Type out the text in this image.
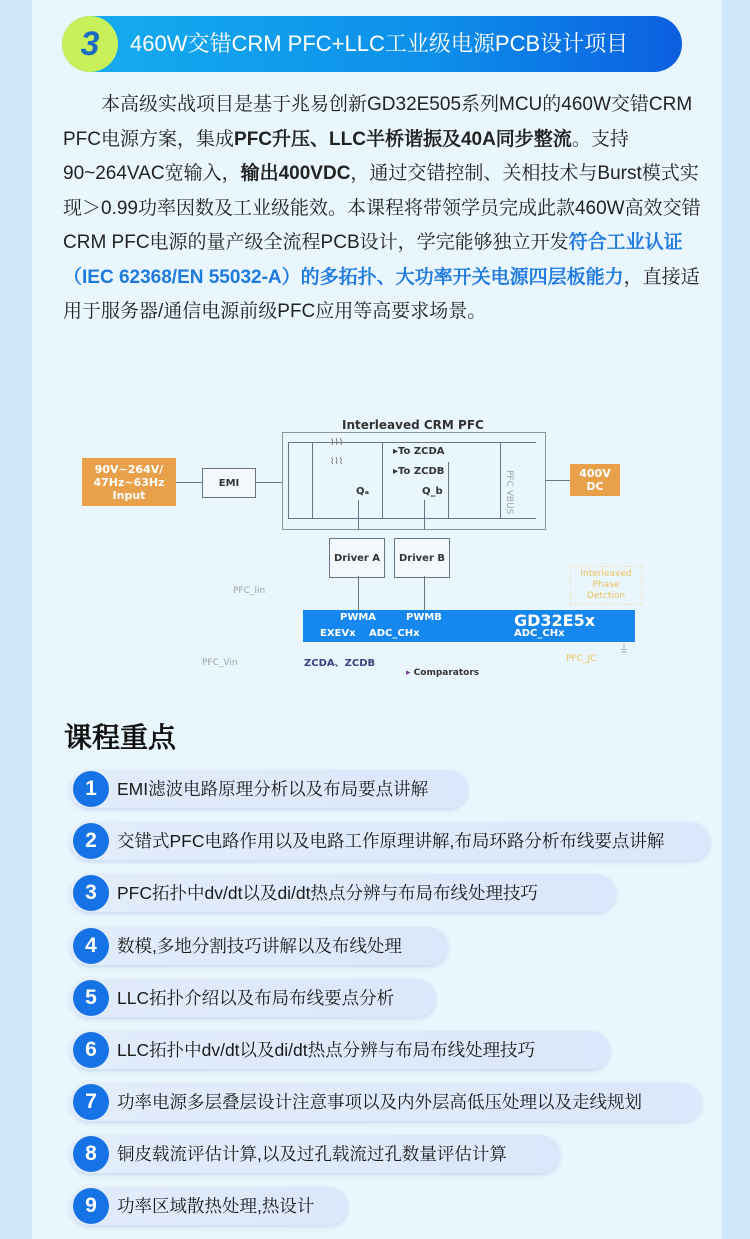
3	460W交错CRM PFC+LLC工业级电源PCB设计项目

本高级实战项目是基于兆易创新GD32E505系列MCU的460W交错CRM PFC电源方案，集成PFC升压、LLC半桥谐振及40A同步整流。支持90~264VAC宽输入，输出400VDC，通过交错控制、关相技术与Burst模式实现＞0.99功率因数及工业级能效。本课程将带领学员完成此款460W高效交错CRM PFC电源的量产级全流程PCB设计，学完能够独立开发符合工业认证（IEC 62368/EN 55032-A）的多拓扑、大功率开关电源四层板能力，直接适用于服务器/通信电源前级PFC应用等高要求场景。

Interleaved CRM PFC
⌇⌇⌇
⌇⌇⌇
▸To ZCDA
▸To ZCDB
Qₐ	Q_b	PFC VBUS
90V~264V/ 47Hz~63Hz Input
EMI
400V DC
Driver A	Driver B
PFC_Iin
PFC_Vin
PWMA	PWMB	GD32E5x
EXEVx ADC_CHx	ADC_CHx
ZCDA、ZCDB
▸ Comparators
Interleaved Phase Detction
PFC_JC
⏚
课程重点
1	EMI滤波电路原理分析以及布局要点讲解
2	交错式PFC电路作用以及电路工作原理讲解,布局环路分析布线要点讲解
3	PFC拓扑中dv/dt以及di/dt热点分辨与布局布线处理技巧
4	数模,多地分割技巧讲解以及布线处理
5	LLC拓扑介绍以及布局布线要点分析
6	LLC拓扑中dv/dt以及di/dt热点分辨与布局布线处理技巧
7	功率电源多层叠层设计注意事项以及内外层高低压处理以及走线规划
8	铜皮载流评估计算,以及过孔载流过孔数量评估计算
9	功率区域散热处理,热设计
